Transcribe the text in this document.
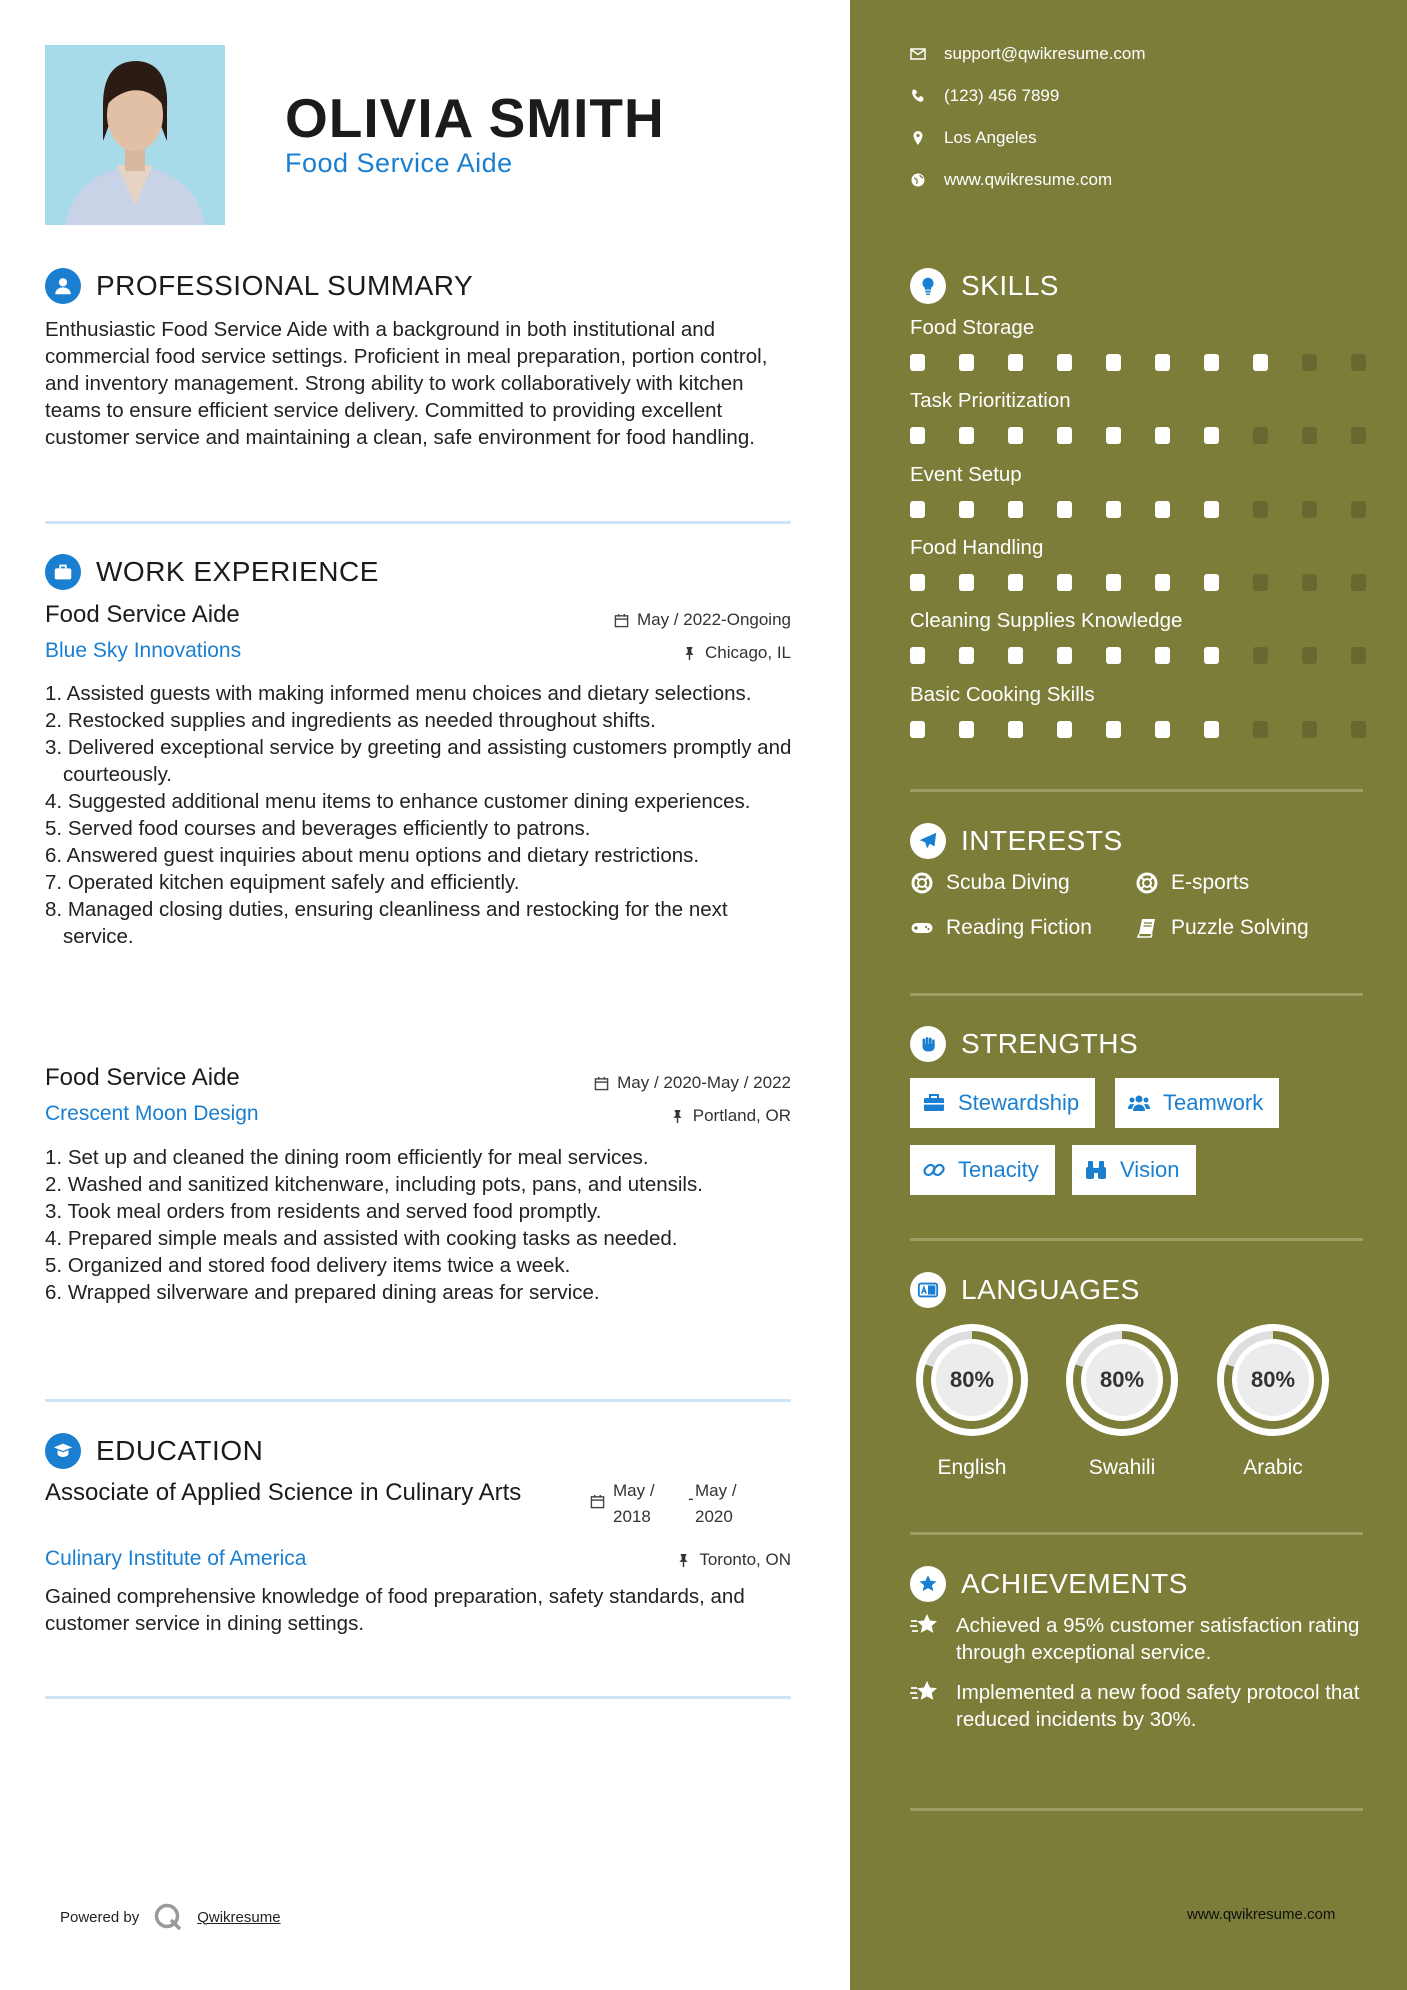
OLIVIA SMITH
Food Service Aide
PROFESSIONAL SUMMARY
Enthusiastic Food Service Aide with a background in both institutional and commercial food service settings. Proficient in meal preparation, portion control, and inventory management. Strong ability to work collaboratively with kitchen teams to ensure efficient service delivery. Committed to providing excellent customer service and maintaining a clean, safe environment for food handling.
WORK EXPERIENCE
Food Service Aide	May / 2022-Ongoing
Blue Sky Innovations	Chicago, IL
Assisted guests with making informed menu choices and dietary selections.
Restocked supplies and ingredients as needed throughout shifts.
Delivered exceptional service by greeting and assisting customers promptly and courteously.
Suggested additional menu items to enhance customer dining experiences.
Served food courses and beverages efficiently to patrons.
Answered guest inquiries about menu options and dietary restrictions.
Operated kitchen equipment safely and efficiently.
Managed closing duties, ensuring cleanliness and restocking for the next service.
Food Service Aide	May / 2020-May / 2022
Crescent Moon Design	Portland, OR
Set up and cleaned the dining room efficiently for meal services.
Washed and sanitized kitchenware, including pots, pans, and utensils.
Took meal orders from residents and served food promptly.
Prepared simple meals and assisted with cooking tasks as needed.
Organized and stored food delivery items twice a week.
Wrapped silverware and prepared dining areas for service.
EDUCATION
Associate of Applied Science in Culinary Arts	May / 2018
- May / 2020
Culinary Institute of America	Toronto, ON
Gained comprehensive knowledge of food preparation, safety standards, and customer service in dining settings.
Powered by	Qwikresume
support@qwikresume.com
(123) 456 7899
Los Angeles
www.qwikresume.com
SKILLS
Food Storage
Task Prioritization
Event Setup
Food Handling
Cleaning Supplies Knowledge
Basic Cooking Skills
INTERESTS
Scuba Diving	E-sports
Reading Fiction	Puzzle Solving
STRENGTHS
Stewardship	Teamwork
Tenacity	Vision
LANGUAGES
80%
English
80%
Swahili
80%
Arabic
ACHIEVEMENTS
Achieved a 95% customer satisfaction rating through exceptional service.
Implemented a new food safety protocol that reduced incidents by 30%.
www.qwikresume.com
